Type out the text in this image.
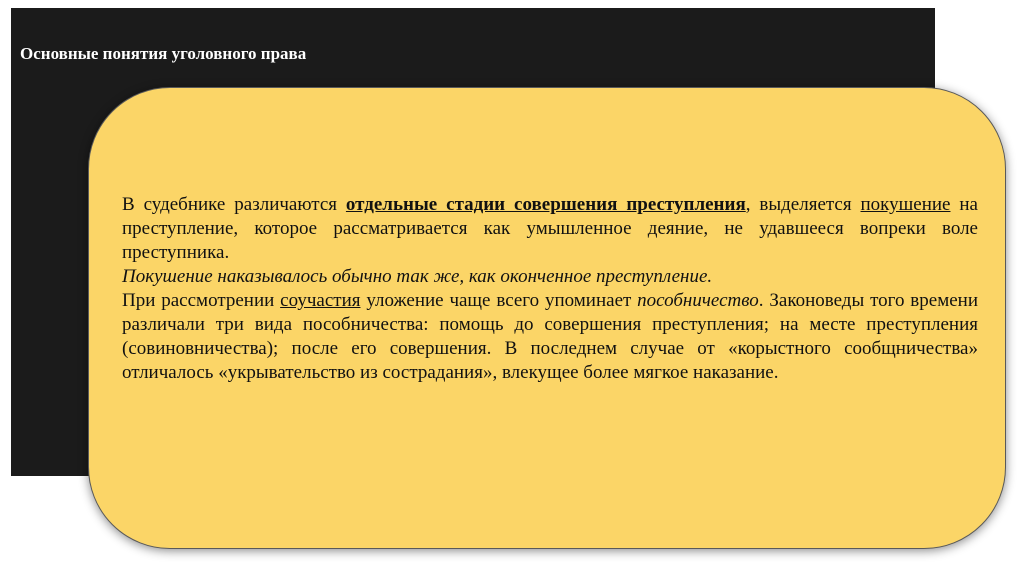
Основные понятия уголовного права

В судебнике различаются отдельные стадии совершения преступления, выделяется покушение на преступление, которое рассматривается как умышленное деяние, не удавшееся вопреки воле преступника.

Покушение наказывалось обычно так же, как оконченное преступление.

При рассмотрении соучастия уложение чаще всего упоминает пособничество. Законоведы того времени различали три вида пособничества: помощь до совершения преступления; на месте преступления (совиновничества); после его совершения. В последнем случае от «корыстного сообщничества» отличалось «укрывательство из сострадания», влекущее более мягкое наказание.
